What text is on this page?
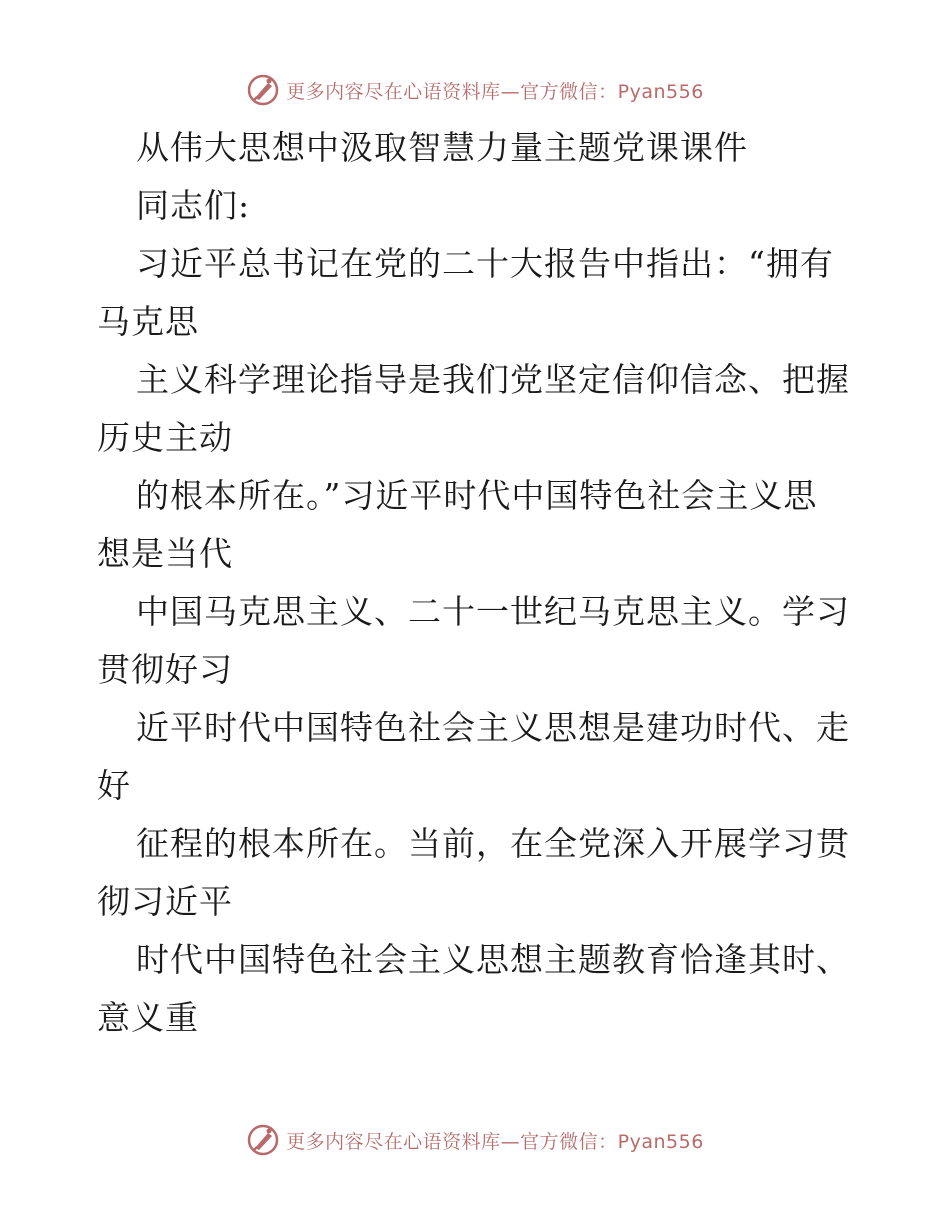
更多内容尽在心语资料库—官方微信：Pyan556
从伟大思想中汲取智慧力量主题党课课件
同志们:
习近平总书记在党的二十大报告中指出：“拥有
马克思
主义科学理论指导是我们党坚定信仰信念、把握
历史主动
的根本所在。”习近平时代中国特色社会主义思
想是当代
中国马克思主义、二十一世纪马克思主义。学习
贯彻好习
近平时代中国特色社会主义思想是建功时代、走
好
征程的根本所在。当前，在全党深入开展学习贯
彻习近平
时代中国特色社会主义思想主题教育恰逢其时、
意义重
更多内容尽在心语资料库—官方微信：Pyan556
